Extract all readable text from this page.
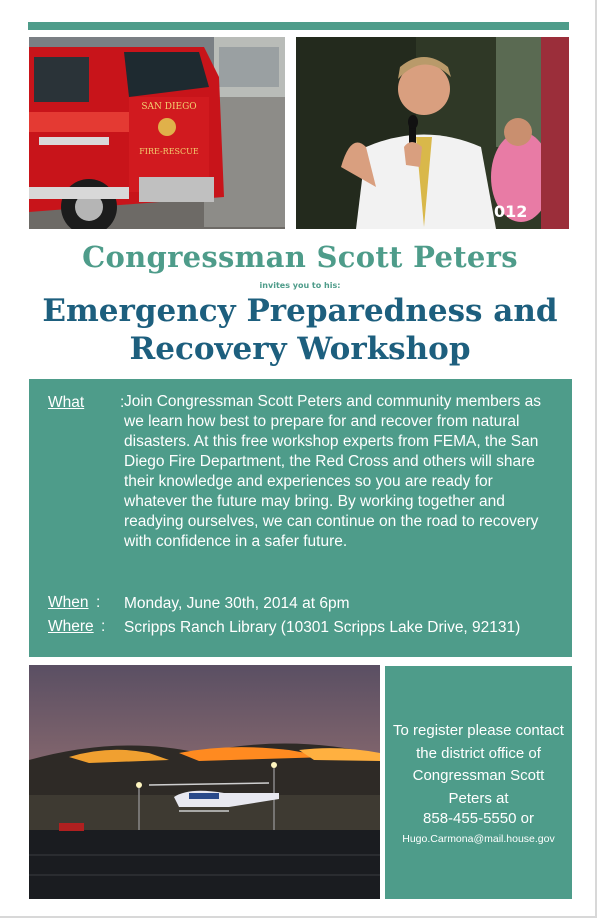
SAN DIEGO
FIRE-RESCUE
012
Congressman Scott Peters
invites you to his:
Emergency Preparedness and
Recovery Workshop
What : Join Congressman Scott Peters and community members as we learn how best to prepare for and recover from natural disasters. At this free workshop experts from FEMA, the San Diego Fire Department, the Red Cross and others will share their knowledge and experiences so you are ready for whatever the future may bring. By working together and readying ourselves, we can continue on the road to recovery with confidence in a safer future.
When : Monday, June 30th, 2014 at 6pm
Where : Scripps Ranch Library (10301 Scripps Lake Drive, 92131)
To register please contact the district office of Congressman Scott Peters at
858-455-5550 or
Hugo.Carmona@mail.house.gov
